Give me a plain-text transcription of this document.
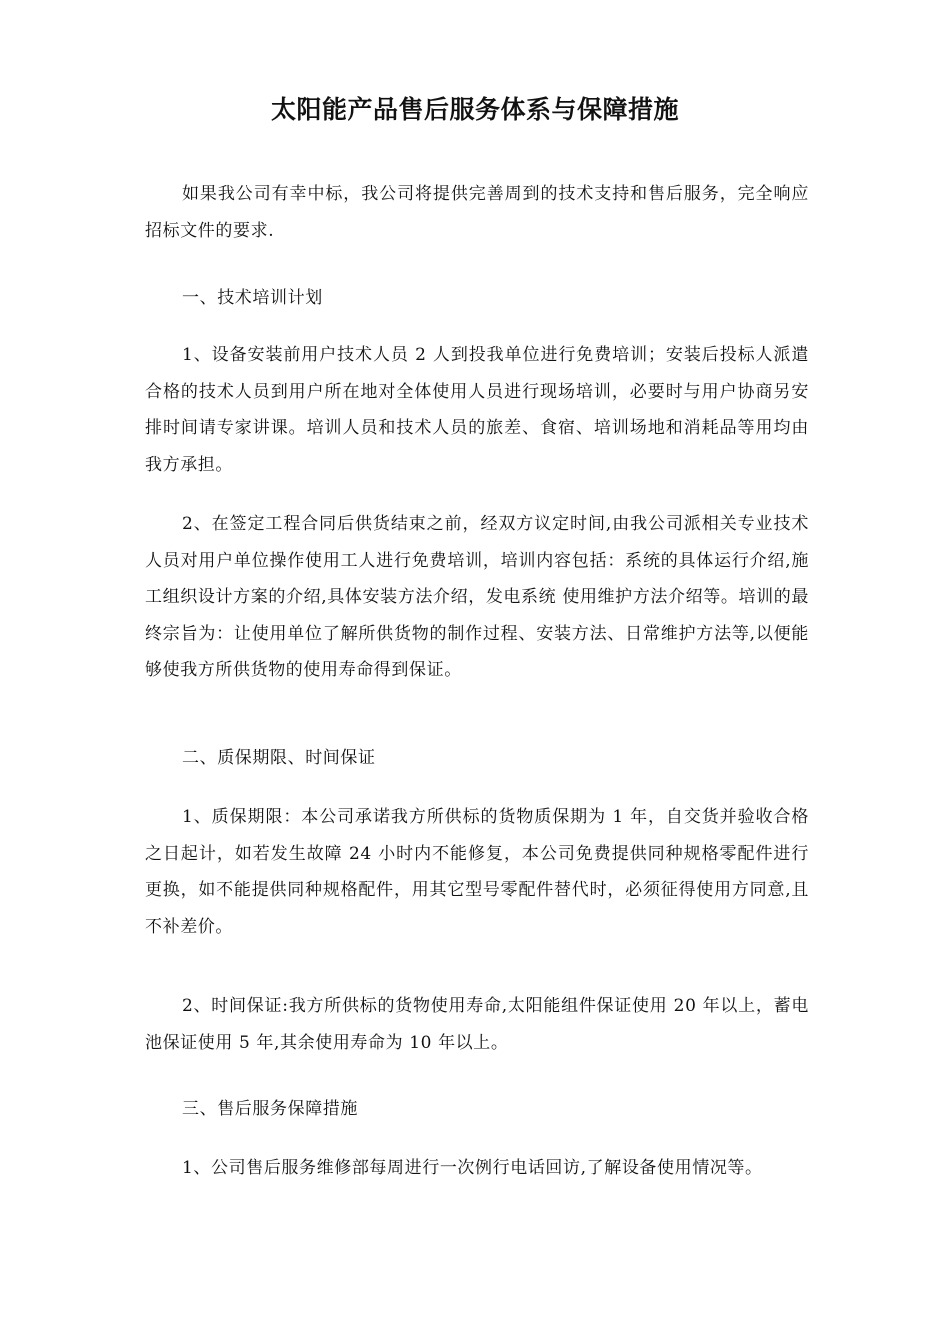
太阳能产品售后服务体系与保障措施

如果我公司有幸中标，我公司将提供完善周到的技术支持和售后服务，完全响应招标文件的要求.

一、技术培训计划

1、设备安装前用户技术人员 2 人到投我单位进行免费培训；安装后投标人派遣合格的技术人员到用户所在地对全体使用人员进行现场培训，必要时与用户协商另安排时间请专家讲课。培训人员和技术人员的旅差、食宿、培训场地和消耗品等用均由我方承担。

2、在签定工程合同后供货结束之前，经双方议定时间,由我公司派相关专业技术人员对用户单位操作使用工人进行免费培训，培训内容包括：系统的具体运行介绍,施工组织设计方案的介绍,具体安装方法介绍，发电系统 使用维护方法介绍等。培训的最终宗旨为：让使用单位了解所供货物的制作过程、安装方法、日常维护方法等,以便能够使我方所供货物的使用寿命得到保证。

二、质保期限、时间保证

1、质保期限：本公司承诺我方所供标的货物质保期为 1 年，自交货并验收合格之日起计，如若发生故障 24 小时内不能修复，本公司免费提供同种规格零配件进行更换，如不能提供同种规格配件，用其它型号零配件替代时，必须征得使用方同意,且不补差价。

2、时间保证:我方所供标的货物使用寿命,太阳能组件保证使用 20 年以上，蓄电池保证使用 5 年,其余使用寿命为 10 年以上。

三、售后服务保障措施

1、公司售后服务维修部每周进行一次例行电话回访,了解设备使用情况等。
